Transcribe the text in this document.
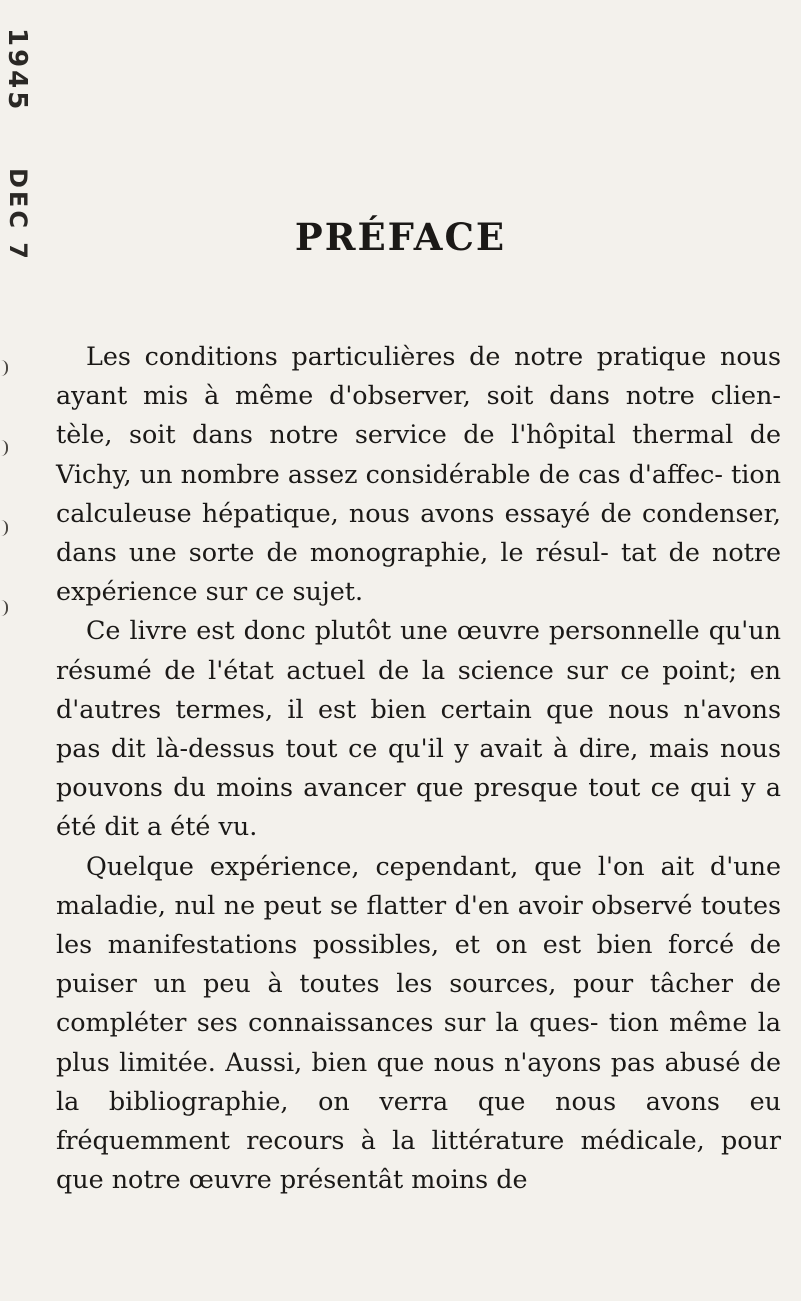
1945
DEC 7	PRÉFACE

Les conditions particulières de notre pratique nous ayant mis à même d'observer, soit dans notre clien- tèle, soit dans notre service de l'hôpital thermal de Vichy, un nombre assez considérable de cas d'affec- tion calculeuse hépatique, nous avons essayé de condenser, dans une sorte de monographie, le résul- tat de notre expérience sur ce sujet.

Ce livre est donc plutôt une œuvre personnelle qu'un résumé de l'état actuel de la science sur ce point; en d'autres termes, il est bien certain que nous n'avons pas dit là-dessus tout ce qu'il y avait à dire, mais nous pouvons du moins avancer que presque tout ce qui y a été dit a été vu.

Quelque expérience, cependant, que l'on ait d'une maladie, nul ne peut se flatter d'en avoir observé toutes les manifestations possibles, et on est bien forcé de puiser un peu à toutes les sources, pour tâcher de compléter ses connaissances sur la ques- tion même la plus limitée. Aussi, bien que nous n'ayons pas abusé de la bibliographie, on verra que nous avons eu fréquemment recours à la littérature médicale, pour que notre œuvre présentât moins de
